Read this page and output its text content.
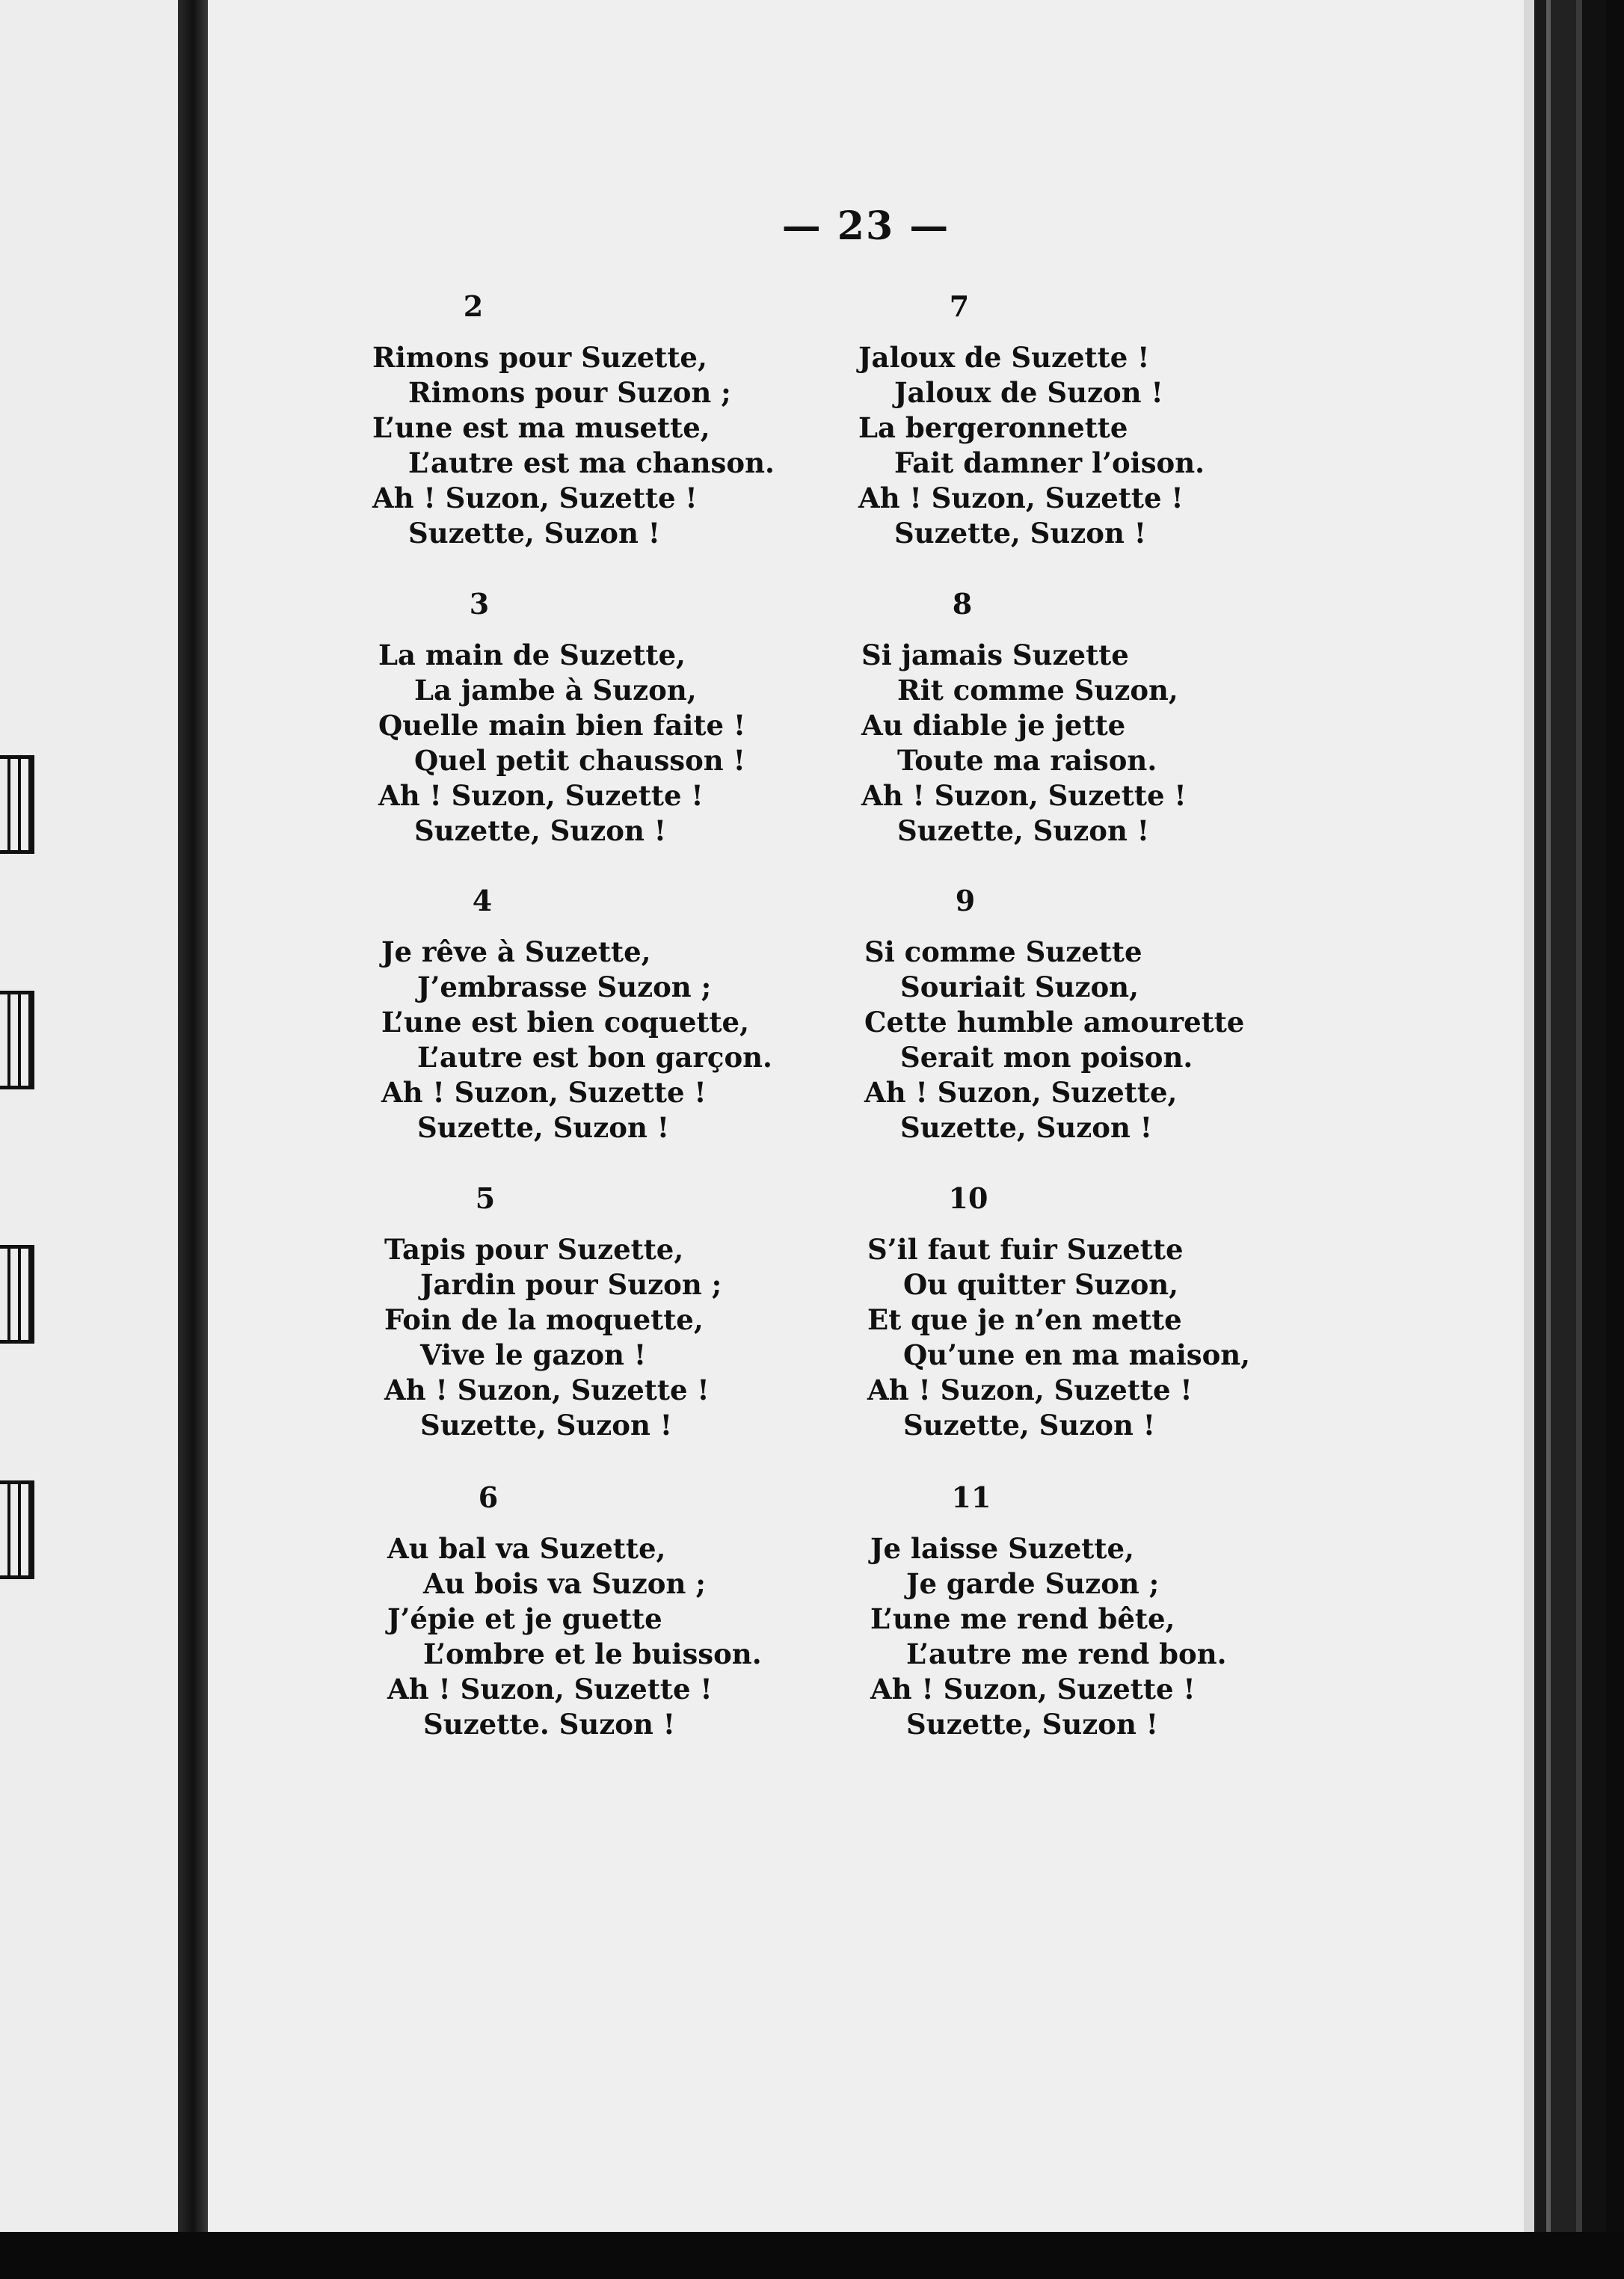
— 23 —
2
Rimons pour Suzette,
Rimons pour Suzon ;
L’une est ma musette,
L’autre est ma chanson.
Ah ! Suzon, Suzette !
Suzette, Suzon !
3
La main de Suzette,
La jambe à Suzon,
Quelle main bien faite !
Quel petit chausson !
Ah ! Suzon, Suzette !
Suzette, Suzon !
4
Je rêve à Suzette,
J’embrasse Suzon ;
L’une est bien coquette,
L’autre est bon garçon.
Ah ! Suzon, Suzette !
Suzette, Suzon !
5
Tapis pour Suzette,
Jardin pour Suzon ;
Foin de la moquette,
Vive le gazon !
Ah ! Suzon, Suzette !
Suzette, Suzon !
6
Au bal va Suzette,
Au bois va Suzon ;
J’épie et je guette
L’ombre et le buisson.
Ah ! Suzon, Suzette !
Suzette. Suzon !
7
Jaloux de Suzette !
Jaloux de Suzon !
La bergeronnette
Fait damner l’oison.
Ah ! Suzon, Suzette !
Suzette, Suzon !
8
Si jamais Suzette
Rit comme Suzon,
Au diable je jette
Toute ma raison.
Ah ! Suzon, Suzette !
Suzette, Suzon !
9
Si comme Suzette
Souriait Suzon,
Cette humble amourette
Serait mon poison.
Ah ! Suzon, Suzette,
Suzette, Suzon !
10
S’il faut fuir Suzette
Ou quitter Suzon,
Et que je n’en mette
Qu’une en ma maison,
Ah ! Suzon, Suzette !
Suzette, Suzon !
11
Je laisse Suzette,
Je garde Suzon ;
L’une me rend bête,
L’autre me rend bon.
Ah ! Suzon, Suzette !
Suzette, Suzon !
